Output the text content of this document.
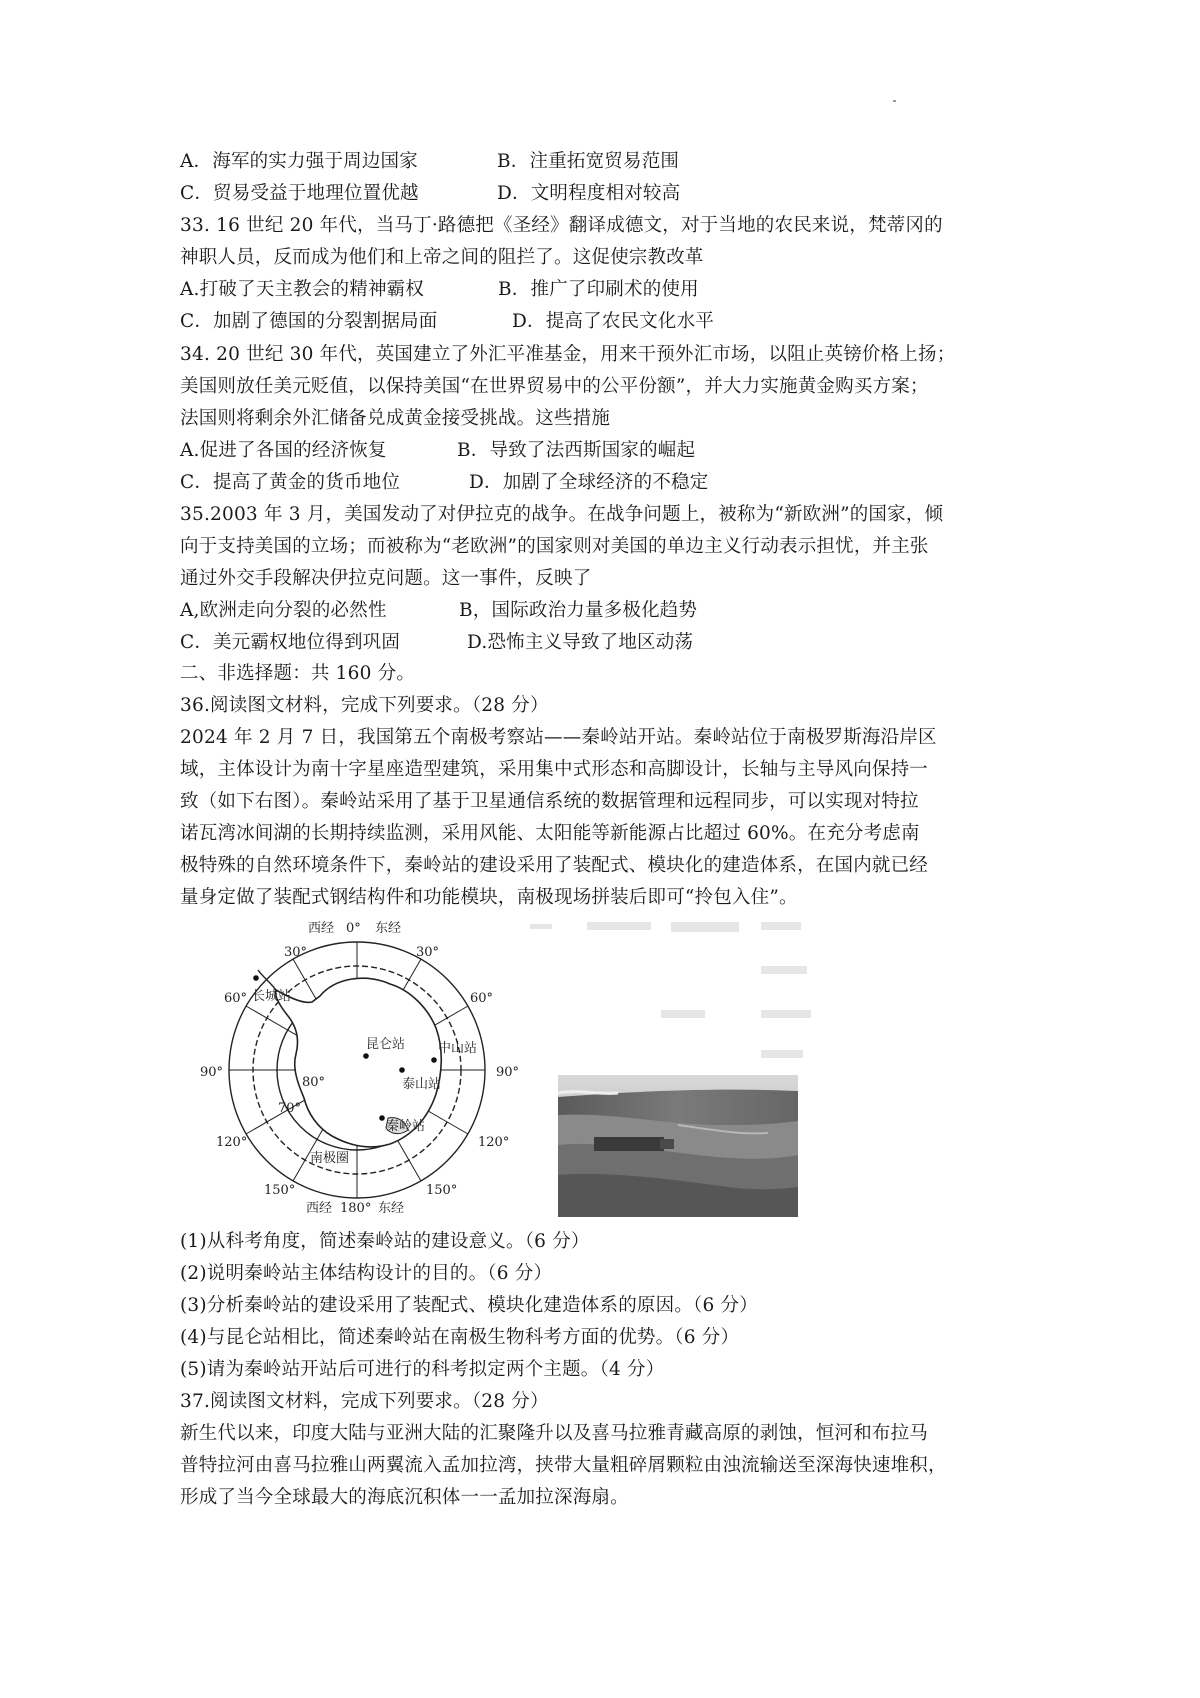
A．海军的实力强于周边国家	B．注重拓宽贸易范围
C．贸易受益于地理位置优越	D．文明程度相对较高
33. 16 世纪 20 年代，当马丁·路德把《圣经》翻译成德文，对于当地的农民来说，梵蒂冈的
神职人员，反而成为他们和上帝之间的阻拦了。这促使宗教改革
A.打破了天主教会的精神霸权	B．推广了印刷术的使用
C．加剧了德国的分裂割据局面	D．提高了农民文化水平
34. 20 世纪 30 年代，英国建立了外汇平准基金，用来干预外汇市场，以阻止英镑价格上扬；
美国则放任美元贬值，以保持美国“在世界贸易中的公平份额”，并大力实施黄金购买方案；
法国则将剩余外汇储备兑成黄金接受挑战。这些措施
A.促进了各国的经济恢复	B．导致了法西斯国家的崛起
C．提高了黄金的货币地位	D．加剧了全球经济的不稳定
35.2003 年 3 月，美国发动了对伊拉克的战争。在战争问题上，被称为“新欧洲”的国家，倾
向于支持美国的立场；而被称为“老欧洲”的国家则对美国的单边主义行动表示担忧，并主张
通过外交手段解决伊拉克问题。这一事件，反映了
A,欧洲走向分裂的必然性	B，国际政治力量多极化趋势
C．美元霸权地位得到巩固	D.恐怖主义导致了地区动荡
二、非选择题：共 160 分。
36.阅读图文材料，完成下列要求。（28 分）
2024 年 2 月 7 日，我国第五个南极考察站——秦岭站开站。秦岭站位于南极罗斯海沿岸区
域，主体设计为南十字星座造型建筑，采用集中式形态和高脚设计，长轴与主导风向保持一
致（如下右图）。秦岭站采用了基于卫星通信系统的数据管理和远程同步，可以实现对特拉
诺瓦湾冰间湖的长期持续监测，采用风能、太阳能等新能源占比超过 60%。在充分考虑南
极特殊的自然环境条件下，秦岭站的建设采用了装配式、模块化的建造体系，在国内就已经
量身定做了装配式钢结构件和功能模块，南极现场拼装后即可“拎包入住”。
西经 0° 东经
西经 180° 东经
30°	30°
60°	60°
90°	90°
120°	120°
150°	150°
70°
80°
长城站
昆仑站	中山站
泰山站
秦岭站
南极圈
(1)从科考角度，简述秦岭站的建设意义。（6 分）
(2)说明秦岭站主体结构设计的目的。（6 分）
(3)分析秦岭站的建设采用了装配式、模块化建造体系的原因。（6 分）
(4)与昆仑站相比，简述秦岭站在南极生物科考方面的优势。（6 分）
(5)请为秦岭站开站后可进行的科考拟定两个主题。（4 分）
37.阅读图文材料，完成下列要求。（28 分）
新生代以来，印度大陆与亚洲大陆的汇聚隆升以及喜马拉雅青藏高原的剥蚀，恒河和布拉马
普特拉河由喜马拉雅山两翼流入孟加拉湾，挟带大量粗碎屑颗粒由浊流输送至深海快速堆积，
形成了当今全球最大的海底沉积体一一孟加拉深海扇。
